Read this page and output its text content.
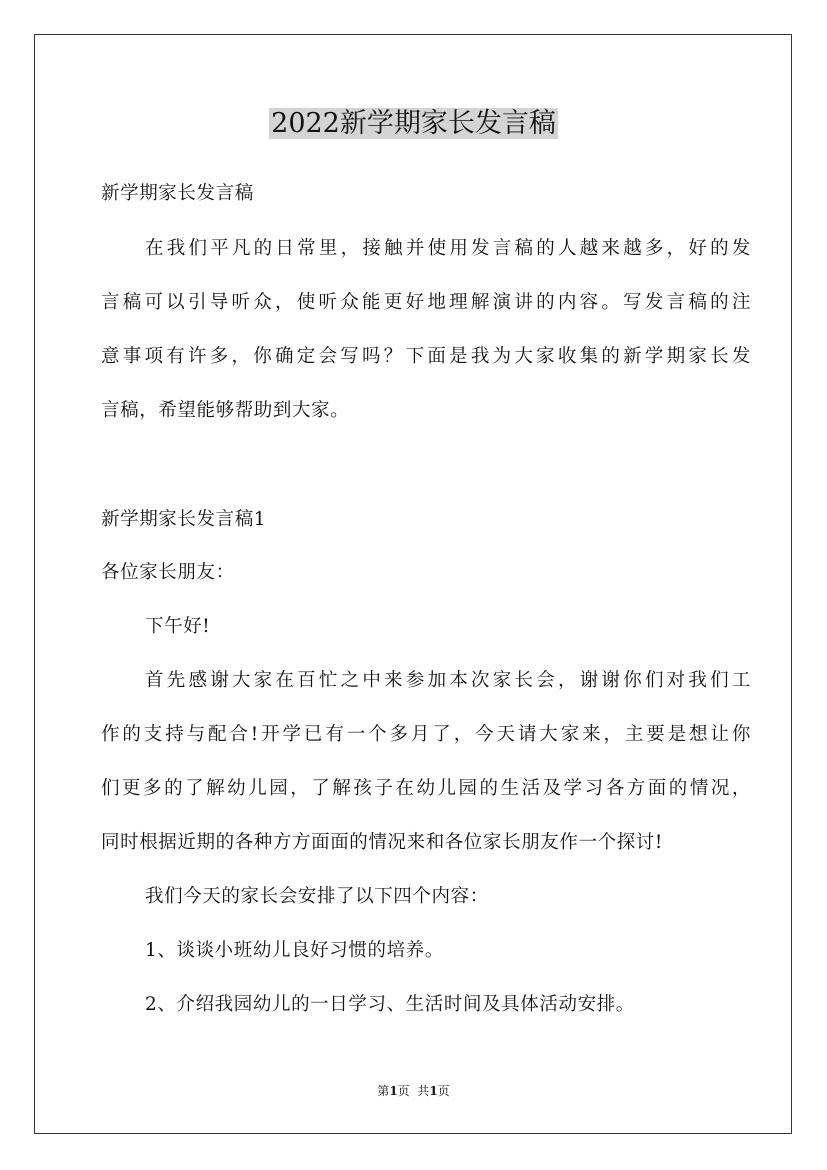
2022新学期家长发言稿
新学期家长发言稿
在我们平凡的日常里，接触并使用发言稿的人越来越多，好的发
言稿可以引导听众，使听众能更好地理解演讲的内容。写发言稿的注
意事项有许多，你确定会写吗？下面是我为大家收集的新学期家长发
言稿，希望能够帮助到大家。
新学期家长发言稿1
各位家长朋友：
下午好!
首先感谢大家在百忙之中来参加本次家长会，谢谢你们对我们工
作的支持与配合!开学已有一个多月了，今天请大家来，主要是想让你
们更多的了解幼儿园，了解孩子在幼儿园的生活及学习各方面的情况，
同时根据近期的各种方方面面的情况来和各位家长朋友作一个探讨!
我们今天的家长会安排了以下四个内容：
1、谈谈小班幼儿良好习惯的培养。
2、介绍我园幼儿的一日学习、生活时间及具体活动安排。
第1页  共1页
